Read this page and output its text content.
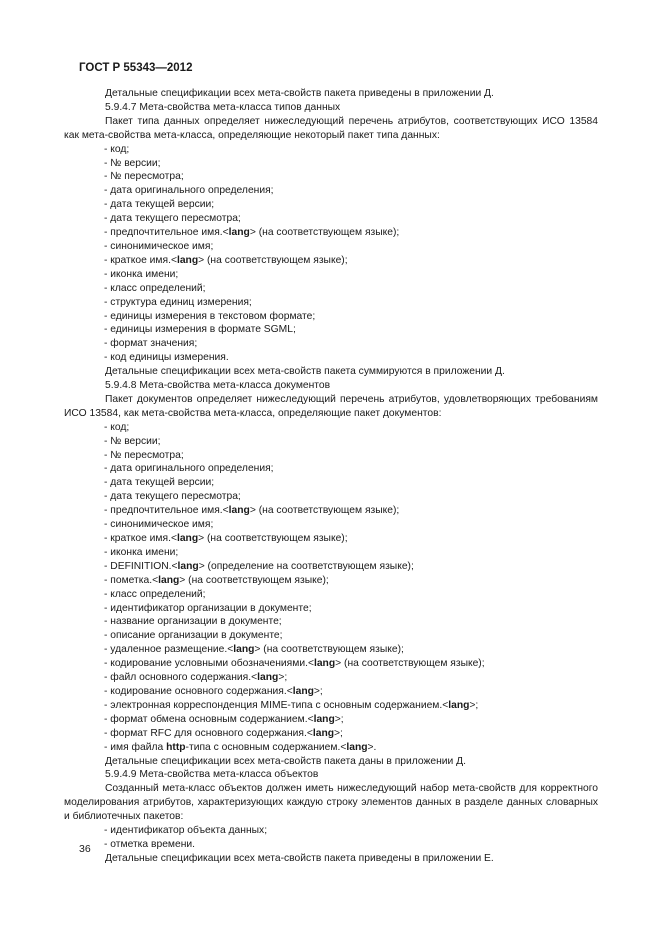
ГОСТ Р 55343—2012
Детальные спецификации всех мета-свойств пакета приведены в приложении Д.
5.9.4.7 Мета-свойства мета-класса типов данных
Пакет типа данных определяет нижеследующий перечень атрибутов, соответствующих ИСО 13584 как мета-свойства мета-класса, определяющие некоторый пакет типа данных:
- код;
- № версии;
- № пересмотра;
- дата оригинального определения;
- дата текущей версии;
- дата текущего пересмотра;
- предпочтительное имя.<lang> (на соответствующем языке);
- синонимическое имя;
- краткое имя.<lang> (на соответствующем языке);
- иконка имени;
- класс определений;
- структура единиц измерения;
- единицы измерения в текстовом формате;
- единицы измерения в формате SGML;
- формат значения;
- код единицы измерения.
Детальные спецификации всех мета-свойств пакета суммируются в приложении Д.
5.9.4.8 Мета-свойства мета-класса документов
Пакет документов определяет нижеследующий перечень атрибутов, удовлетворяющих требованиям ИСО 13584, как мета-свойства мета-класса, определяющие пакет документов:
- код;
- № версии;
- № пересмотра;
- дата оригинального определения;
- дата текущей версии;
- дата текущего пересмотра;
- предпочтительное имя.<lang> (на соответствующем языке);
- синонимическое имя;
- краткое имя.<lang> (на соответствующем языке);
- иконка имени;
- DEFINITION.<lang> (определение на соответствующем языке);
- пометка.<lang> (на соответствующем языке);
- класс определений;
- идентификатор организации в документе;
- название организации в документе;
- описание организации в документе;
- удаленное размещение.<lang> (на соответствующем языке);
- кодирование условными обозначениями.<lang> (на соответствующем языке);
- файл основного содержания.<lang>;
- кодирование основного содержания.<lang>;
- электронная корреспонденция MIME-типа с основным содержанием.<lang>;
- формат обмена основным содержанием.<lang>;
- формат RFC для основного содержания.<lang>;
- имя файла http-типа с основным содержанием.<lang>.
Детальные спецификации всех мета-свойств пакета даны в приложении Д.
5.9.4.9 Мета-свойства мета-класса объектов
Созданный мета-класс объектов должен иметь нижеследующий набор мета-свойств для корректного моделирования атрибутов, характеризующих каждую строку элементов данных в разделе данных словарных и библиотечных пакетов:
- идентификатор объекта данных;
- отметка времени.
Детальные спецификации всех мета-свойств пакета приведены в приложении Е.
36
